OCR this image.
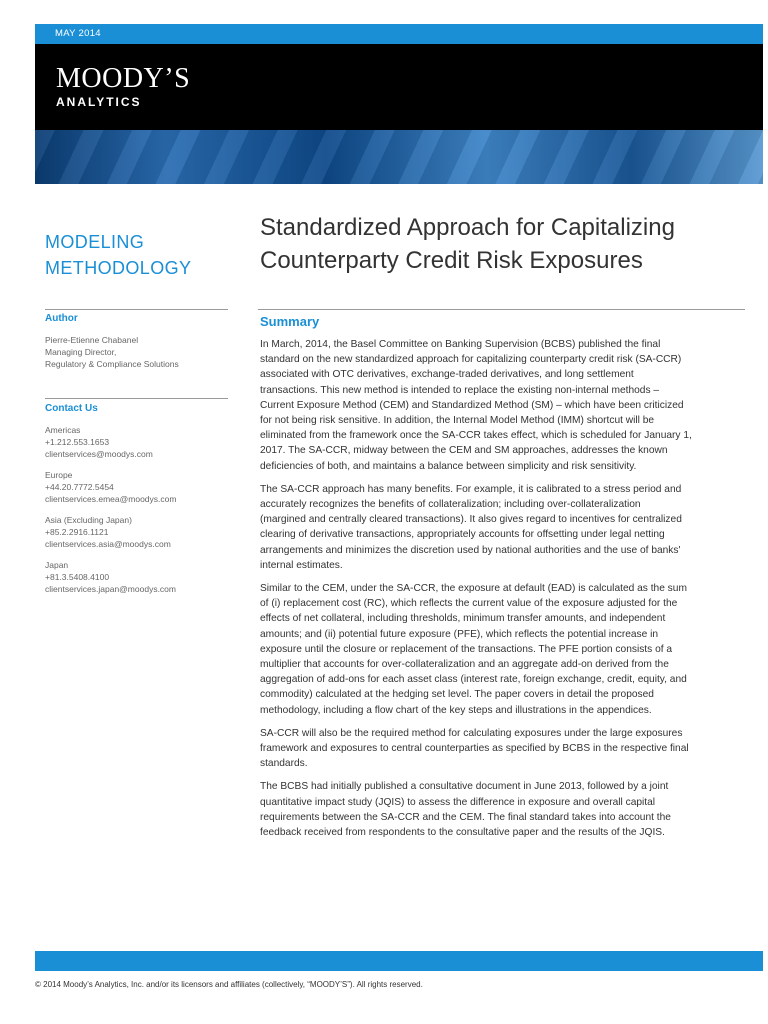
MAY 2014
MOODY’S
ANALYTICS
MODELING
METHODOLOGY
Standardized Approach for Capitalizing
Counterparty Credit Risk Exposures
Author
Pierre-Etienne Chabanel
Managing Director,
Regulatory & Compliance Solutions
Contact Us
Americas
+1.212.553.1653
clientservices@moodys.com
Europe
+44.20.7772.5454
clientservices.emea@moodys.com
Asia (Excluding Japan)
+85.2.2916.1121
clientservices.asia@moodys.com
Japan
+81.3.5408.4100
clientservices.japan@moodys.com
Summary

In March, 2014, the Basel Committee on Banking Supervision (BCBS) published the final
standard on the new standardized approach for capitalizing counterparty credit risk (SA-CCR)
associated with OTC derivatives, exchange-traded derivatives, and long settlement
transactions. This new method is intended to replace the existing non-internal methods –
Current Exposure Method (CEM) and Standardized Method (SM) – which have been criticized
for not being risk sensitive. In addition, the Internal Model Method (IMM) shortcut will be
eliminated from the framework once the SA-CCR takes effect, which is scheduled for January 1,
2017. The SA-CCR, midway between the CEM and SM approaches, addresses the known
deficiencies of both, and maintains a balance between simplicity and risk sensitivity.

The SA-CCR approach has many benefits. For example, it is calibrated to a stress period and
accurately recognizes the benefits of collateralization; including over-collateralization
(margined and centrally cleared transactions). It also gives regard to incentives for centralized
clearing of derivative transactions, appropriately accounts for offsetting under legal netting
arrangements and minimizes the discretion used by national authorities and the use of banks'
internal estimates.

Similar to the CEM, under the SA-CCR, the exposure at default (EAD) is calculated as the sum
of (i) replacement cost (RC), which reflects the current value of the exposure adjusted for the
effects of net collateral, including thresholds, minimum transfer amounts, and independent
amounts; and (ii) potential future exposure (PFE), which reflects the potential increase in
exposure until the closure or replacement of the transactions. The PFE portion consists of a
multiplier that accounts for over-collateralization and an aggregate add-on derived from the
aggregation of add-ons for each asset class (interest rate, foreign exchange, credit, equity, and
commodity) calculated at the hedging set level. The paper covers in detail the proposed
methodology, including a flow chart of the key steps and illustrations in the appendices.

SA-CCR will also be the required method for calculating exposures under the large exposures
framework and exposures to central counterparties as specified by BCBS in the respective final
standards.

The BCBS had initially published a consultative document in June 2013, followed by a joint
quantitative impact study (JQIS) to assess the difference in exposure and overall capital
requirements between the SA-CCR and the CEM. The final standard takes into account the
feedback received from respondents to the consultative paper and the results of the JQIS.

© 2014 Moody’s Analytics, Inc. and/or its licensors and affiliates (collectively, “MOODY’S”). All rights reserved.
